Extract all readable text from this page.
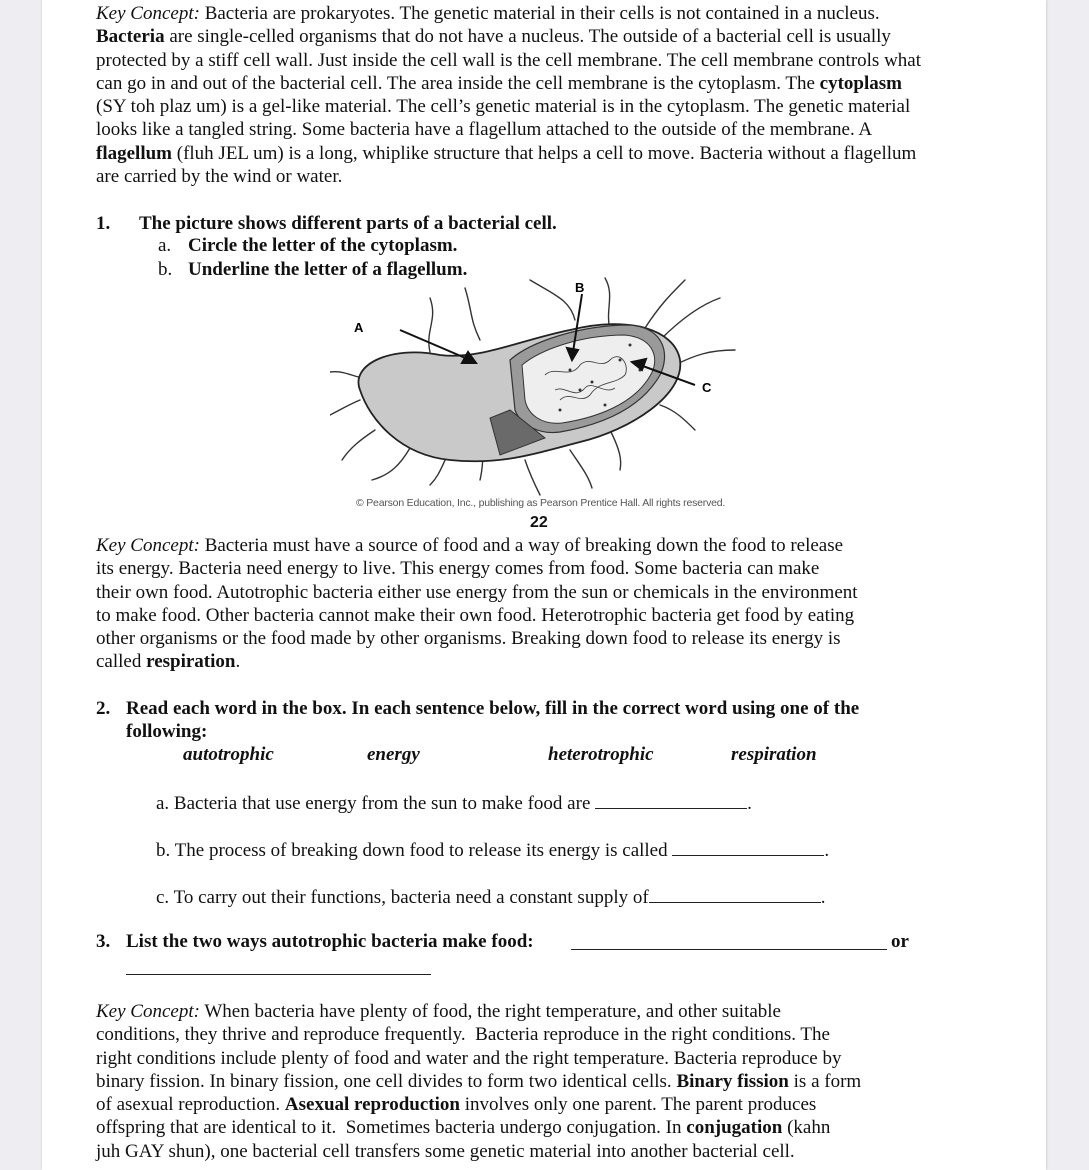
Key Concept: Bacteria are prokaryotes. The genetic material in their cells is not contained in a nucleus.
Bacteria are single-celled organisms that do not have a nucleus. The outside of a bacterial cell is usually
protected by a stiff cell wall. Just inside the cell wall is the cell membrane. The cell membrane controls what
can go in and out of the bacterial cell. The area inside the cell membrane is the cytoplasm. The cytoplasm
(SY toh plaz um) is a gel-like material. The cell’s genetic material is in the cytoplasm. The genetic material
looks like a tangled string. Some bacteria have a flagellum attached to the outside of the membrane. A
flagellum (fluh JEL um) is a long, whiplike structure that helps a cell to move. Bacteria without a flagellum
are carried by the wind or water.
1. The picture shows different parts of a bacterial cell.
a. Circle the letter of the cytoplasm.
b. Underline the letter of a flagellum.
A
B
C
© Pearson Education, Inc., publishing as Pearson Prentice Hall. All rights reserved.
22
Key Concept: Bacteria must have a source of food and a way of breaking down the food to release
its energy. Bacteria need energy to live. This energy comes from food. Some bacteria can make
their own food. Autotrophic bacteria either use energy from the sun or chemicals in the environment
to make food. Other bacteria cannot make their own food. Heterotrophic bacteria get food by eating
other organisms or the food made by other organisms. Breaking down food to release its energy is
called respiration.
2. Read each word in the box. In each sentence below, fill in the correct word using one of the
following:
autotrophic	energy	heterotrophic	respiration
a. Bacteria that use energy from the sun to make food are	.
b. The process of breaking down food to release its energy is called	.
c. To carry out their functions, bacteria need a constant supply of	.
3. List the two ways autotrophic bacteria make food:	or
Key Concept: When bacteria have plenty of food, the right temperature, and other suitable
conditions, they thrive and reproduce frequently.  Bacteria reproduce in the right conditions. The
right conditions include plenty of food and water and the right temperature. Bacteria reproduce by
binary fission. In binary fission, one cell divides to form two identical cells. Binary fission is a form
of asexual reproduction. Asexual reproduction involves only one parent. The parent produces
offspring that are identical to it.  Sometimes bacteria undergo conjugation. In conjugation (kahn
juh GAY shun), one bacterial cell transfers some genetic material into another bacterial cell.
